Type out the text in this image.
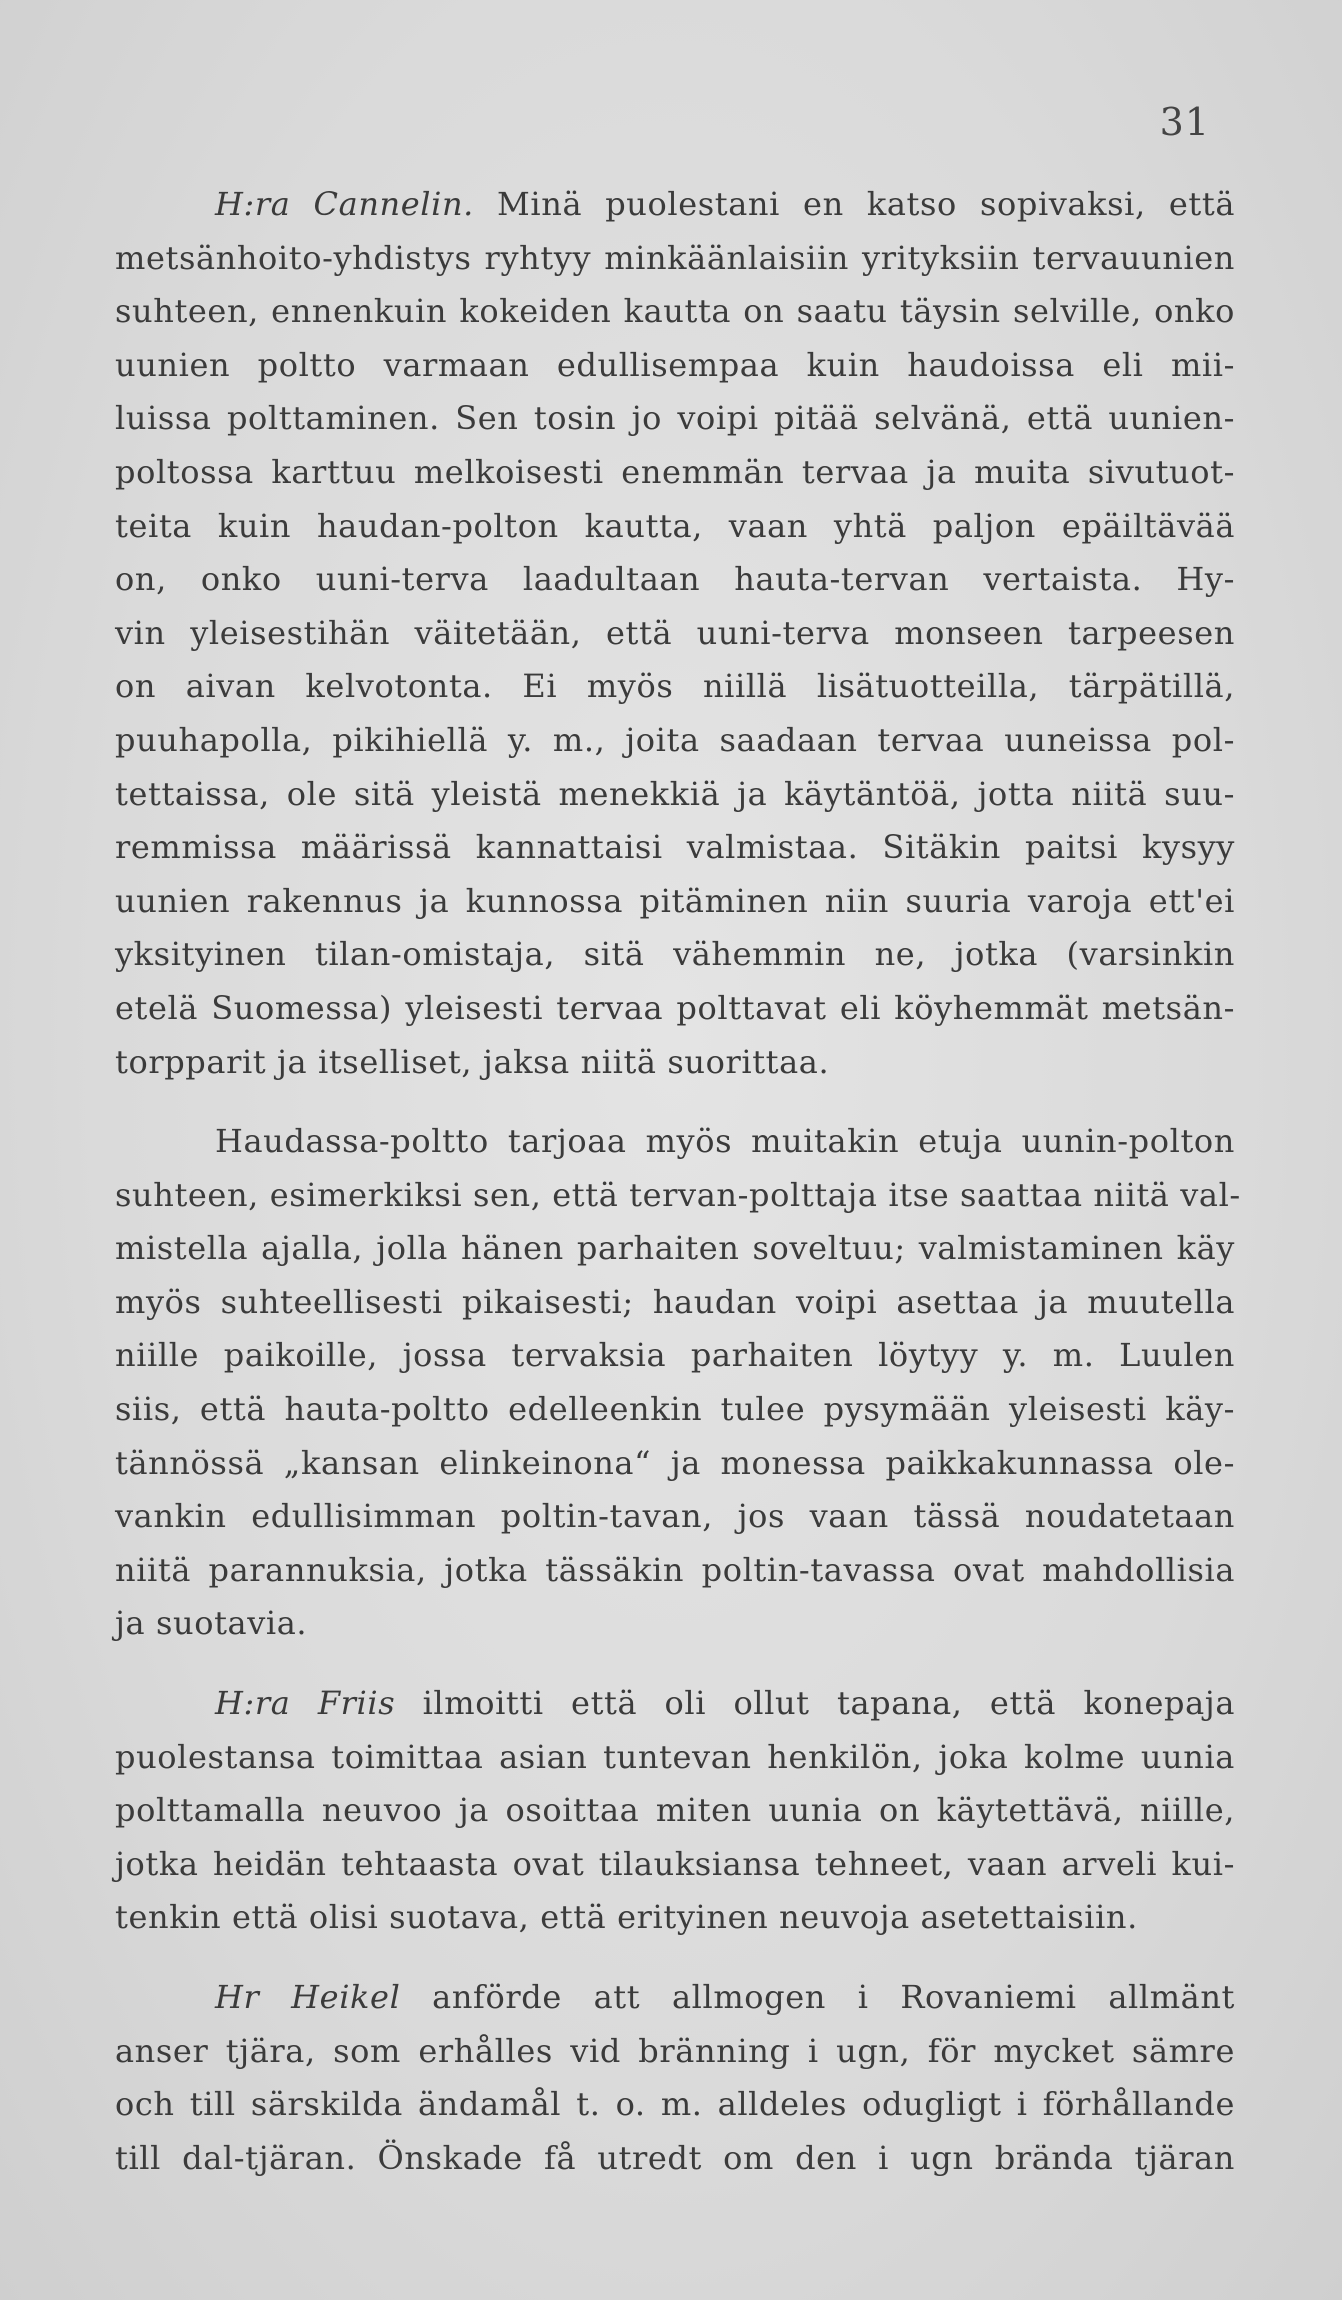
31
H:ra Cannelin. Minä puolestani en katso sopivaksi, että
metsänhoito-yhdistys ryhtyy minkäänlaisiin yrityksiin tervauunien
suhteen, ennenkuin kokeiden kautta on saatu täysin selville, onko
uunien poltto varmaan edullisempaa kuin haudoissa eli mii-
luissa polttaminen. Sen tosin jo voipi pitää selvänä, että uunien-
poltossa karttuu melkoisesti enemmän tervaa ja muita sivutuot-
teita kuin haudan-polton kautta, vaan yhtä paljon epäiltävää
on, onko uuni-terva laadultaan hauta-tervan vertaista. Hy-
vin yleisestihän väitetään, että uuni-terva monseen tarpeesen
on aivan kelvotonta. Ei myös niillä lisätuotteilla, tärpätillä,
puuhapolla, pikihiellä y. m., joita saadaan tervaa uuneissa pol-
tettaissa, ole sitä yleistä menekkiä ja käytäntöä, jotta niitä suu-
remmissa määrissä kannattaisi valmistaa. Sitäkin paitsi kysyy
uunien rakennus ja kunnossa pitäminen niin suuria varoja ett'ei
yksityinen tilan-omistaja, sitä vähemmin ne, jotka (varsinkin
etelä Suomessa) yleisesti tervaa polttavat eli köyhemmät metsän-
torpparit ja itselliset, jaksa niitä suorittaa.
Haudassa-poltto tarjoaa myös muitakin etuja uunin-polton
suhteen, esimerkiksi sen, että tervan-polttaja itse saattaa niitä val-
mistella ajalla, jolla hänen parhaiten soveltuu; valmistaminen käy
myös suhteellisesti pikaisesti; haudan voipi asettaa ja muutella
niille paikoille, jossa tervaksia parhaiten löytyy y. m. Luulen
siis, että hauta-poltto edelleenkin tulee pysymään yleisesti käy-
tännössä „kansan elinkeinona“ ja monessa paikkakunnassa ole-
vankin edullisimman poltin-tavan, jos vaan tässä noudatetaan
niitä parannuksia, jotka tässäkin poltin-tavassa ovat mahdollisia
ja suotavia.
H:ra Friis ilmoitti että oli ollut tapana, että konepaja
puolestansa toimittaa asian tuntevan henkilön, joka kolme uunia
polttamalla neuvoo ja osoittaa miten uunia on käytettävä, niille,
jotka heidän tehtaasta ovat tilauksiansa tehneet, vaan arveli kui-
tenkin että olisi suotava, että erityinen neuvoja asetettaisiin.
Hr Heikel anförde att allmogen i Rovaniemi allmänt
anser tjära, som erhålles vid bränning i ugn, för mycket sämre
och till särskilda ändamål t. o. m. alldeles odugligt i förhållande
till dal-tjäran. Önskade få utredt om den i ugn brända tjäran
